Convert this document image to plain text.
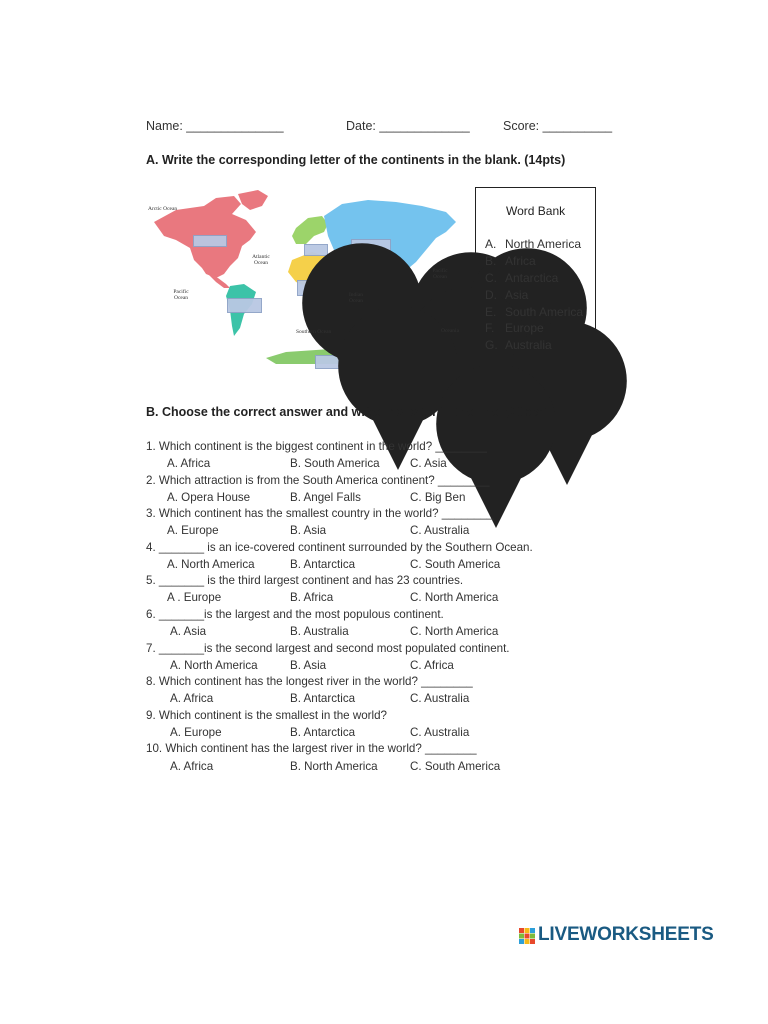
Name: ______________	Date: _____________	Score: __________
A. Write the corresponding letter of the continents in the blank. (14pts)
Arctic Ocean
Atlantic Ocean
Pacific Ocean
Pacific Ocean
Indian Ocean
Southern Ocean	Oceania
Word Bank
A. North America
B. Africa
C. Antarctica
D. Asia
E. South America
F. Europe
G. Australia
B. Choose the correct answer and write the letter in the line. (20pts)
1. Which continent is the biggest continent in the world? ________
A. Africa	B. South America	C. Asia
2. Which attraction is from the South America continent? ________
A. Opera House	B. Angel Falls	C. Big Ben
3. Which continent has the smallest country in the world? ________
A. Europe	B. Asia	C. Australia
4. _______ is an ice-covered continent surrounded by the Southern Ocean.
A. North America	B. Antarctica	C. South America
5. _______ is the third largest continent and has 23 countries.
A . Europe	B. Africa	C. North America
6. _______is the largest and the most populous continent.
A. Asia	B. Australia	C. North America
7. _______is the second largest and second most populated continent.
A. North America	B. Asia	C. Africa
8. Which continent has the longest river in the world? ________
A. Africa	B. Antarctica	C. Australia
9. Which continent is the smallest in the world?
A. Europe	B. Antarctica	C. Australia
10. Which continent has the largest river in the world? ________
A. Africa	B. North America	C. South America
LIVEWORKSHEETS
